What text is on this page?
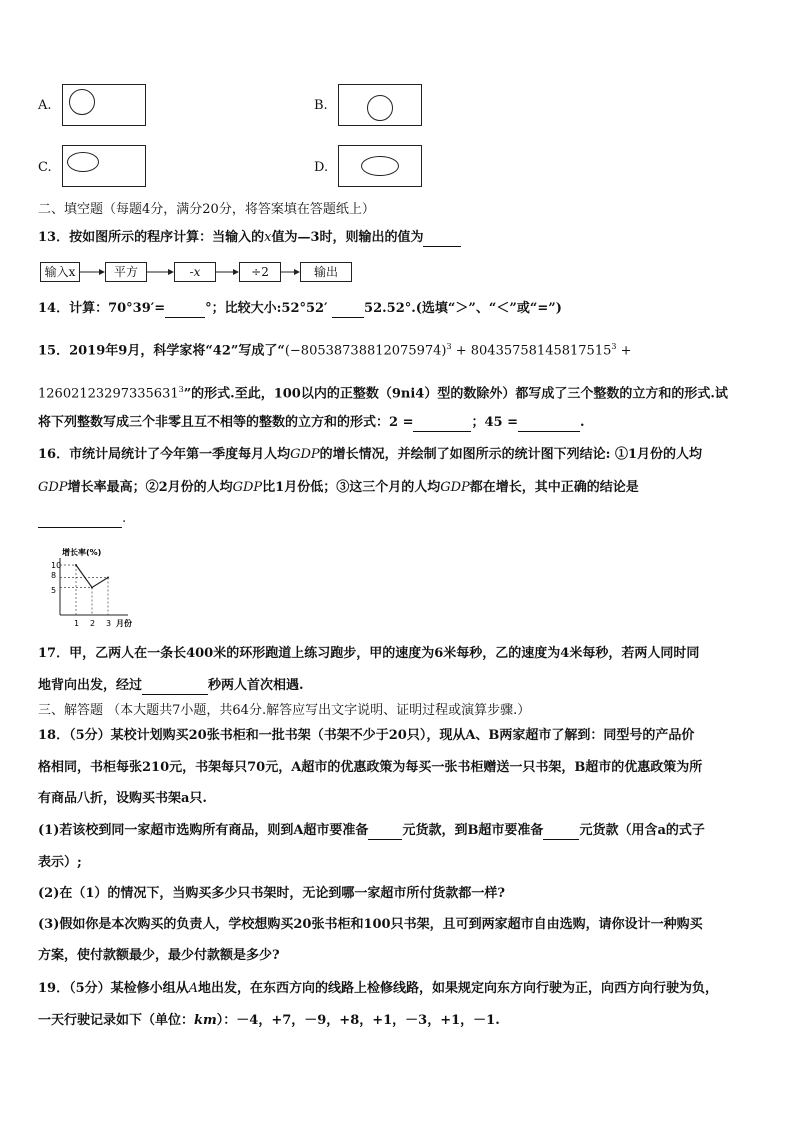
A.	B.
C.	D.
二、填空题（每题4分，满分20分，将答案填在答题纸上）
13．按如图所示的程序计算：当输入的x值为—3时，则输出的值为
输入x	平方	-x	÷2	输出
14．计算：70°39′=	°；比较大小:52°52′	52.52°.(选填“＞”、“＜”或“=”)
15．2019年9月，科学家将“42”写成了“$(-80538738812075974)^3 + 80435758145817515^3$ +
$12602123297335631^3$”的形式.至此，100以内的正整数（9ni4）型的数除外）都写成了三个整数的立方和的形式.试
将下列整数写成三个非零且互不相等的整数的立方和的形式：2 =	；45 =	.
16．市统计局统计了今年第一季度每月人均GDP的增长情况，并绘制了如图所示的统计图下列结论: ①1月份的人均
GDP增长率最高；②2月份的人均GDP比1月份低；③这三个月的人均GDP都在增长，其中正确的结论是
.
增长率(%)
月份
10
8
5
1 2 3
17．甲，乙两人在一条长400米的环形跑道上练习跑步，甲的速度为6米每秒，乙的速度为4米每秒，若两人同时同
地背向出发，经过	秒两人首次相遇.
三、解答题 （本大题共7小题，共64分.解答应写出文字说明、证明过程或演算步骤.）
18．（5分）某校计划购买20张书柜和一批书架（书架不少于20只），现从A、B两家超市了解到：同型号的产品价
格相同，书柜每张210元，书架每只70元，A超市的优惠政策为每买一张书柜赠送一只书架，B超市的优惠政策为所
有商品八折，设购买书架a只.
(1)若该校到同一家超市选购所有商品，则到A超市要准备	元货款，到B超市要准备	元货款（用含a的式子
表示）;
(2)在（1）的情况下，当购买多少只书架时，无论到哪一家超市所付货款都一样?
(3)假如你是本次购买的负责人，学校想购买20张书柜和100只书架，且可到两家超市自由选购，请你设计一种购买
方案，使付款额最少，最少付款额是多少?
19．（5分）某检修小组从A地出发，在东西方向的线路上检修线路，如果规定向东方向行驶为正，向西方向行驶为负，
一天行驶记录如下（单位：km）：－4，+7，－9，+8，+1，－3，+1，－1.
